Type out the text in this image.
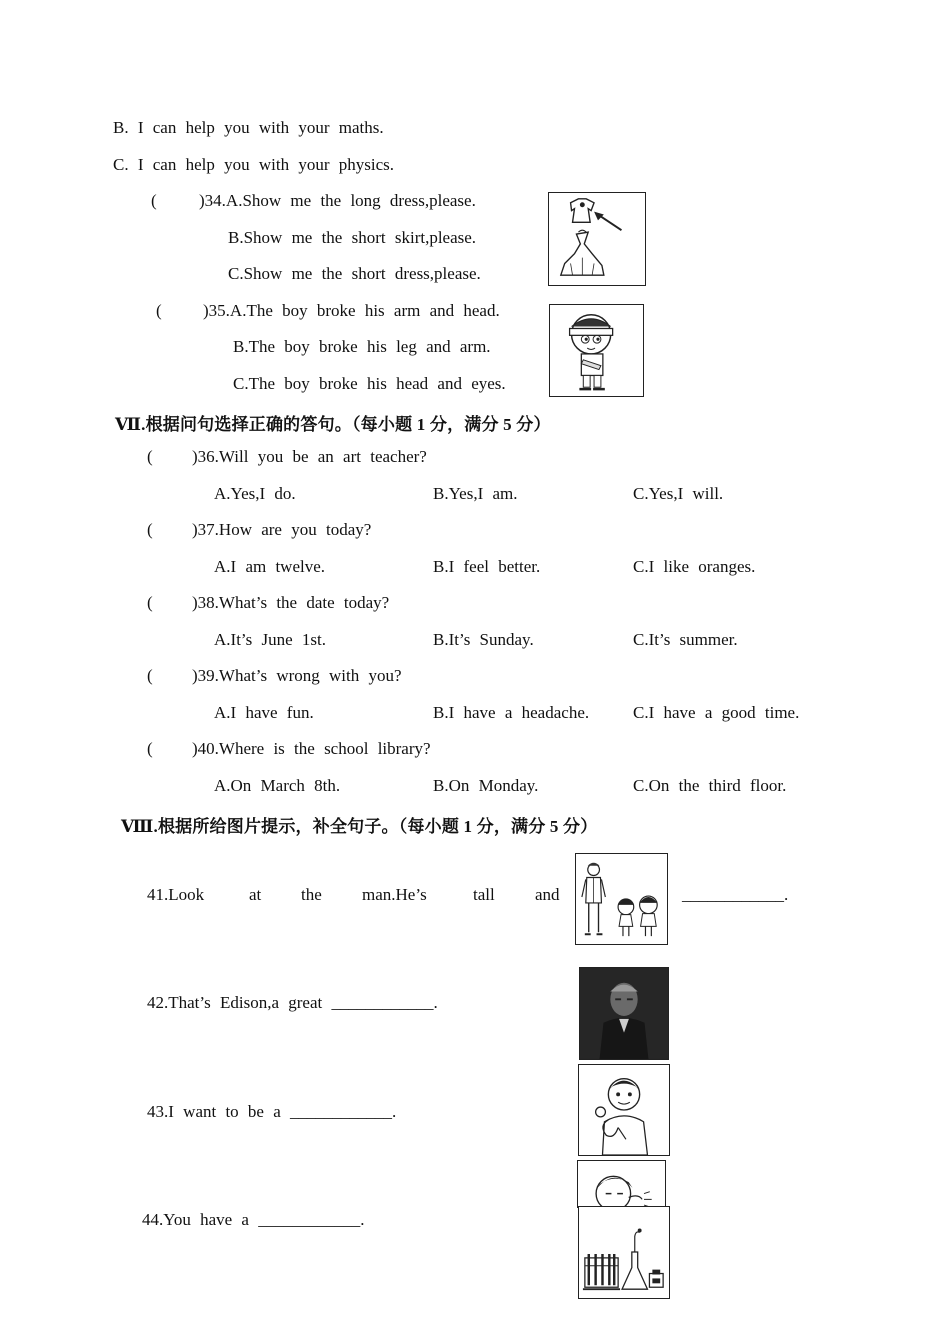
B. I can help you with your maths.
C. I can help you with your physics.
( )34.A.Show me the long dress,please.
B.Show me the short skirt,please.
C.Show me the short dress,please.
( )35.A.The boy broke his arm and head.
B.The boy broke his leg and arm.
C.The boy broke his head and eyes.
Ⅶ.根据问句选择正确的答句。（每小题 1 分，满分 5 分）
( )36.Will you be an art teacher?
A.Yes,I do.	B.Yes,I am.	C.Yes,I will.
( )37.How are you today?
A.I am twelve.	B.I feel better.	C.I like oranges.
( )38.What’s the date today?
A.It’s June 1st.	B.It’s Sunday.	C.It’s summer.
( )39.What’s wrong with you?
A.I have fun.	B.I have a headache.	C.I have a good time.
( )40.Where is the school library?
A.On March 8th.	B.On Monday.	C.On the third floor.
Ⅷ.根据所给图片提示，补全句子。（每小题 1 分，满分 5 分）
41.Look	at the man.He’s	tall and	____________.
42.That’s Edison,a great ____________.
43.I want to be a ____________.
44.You have a ____________.
